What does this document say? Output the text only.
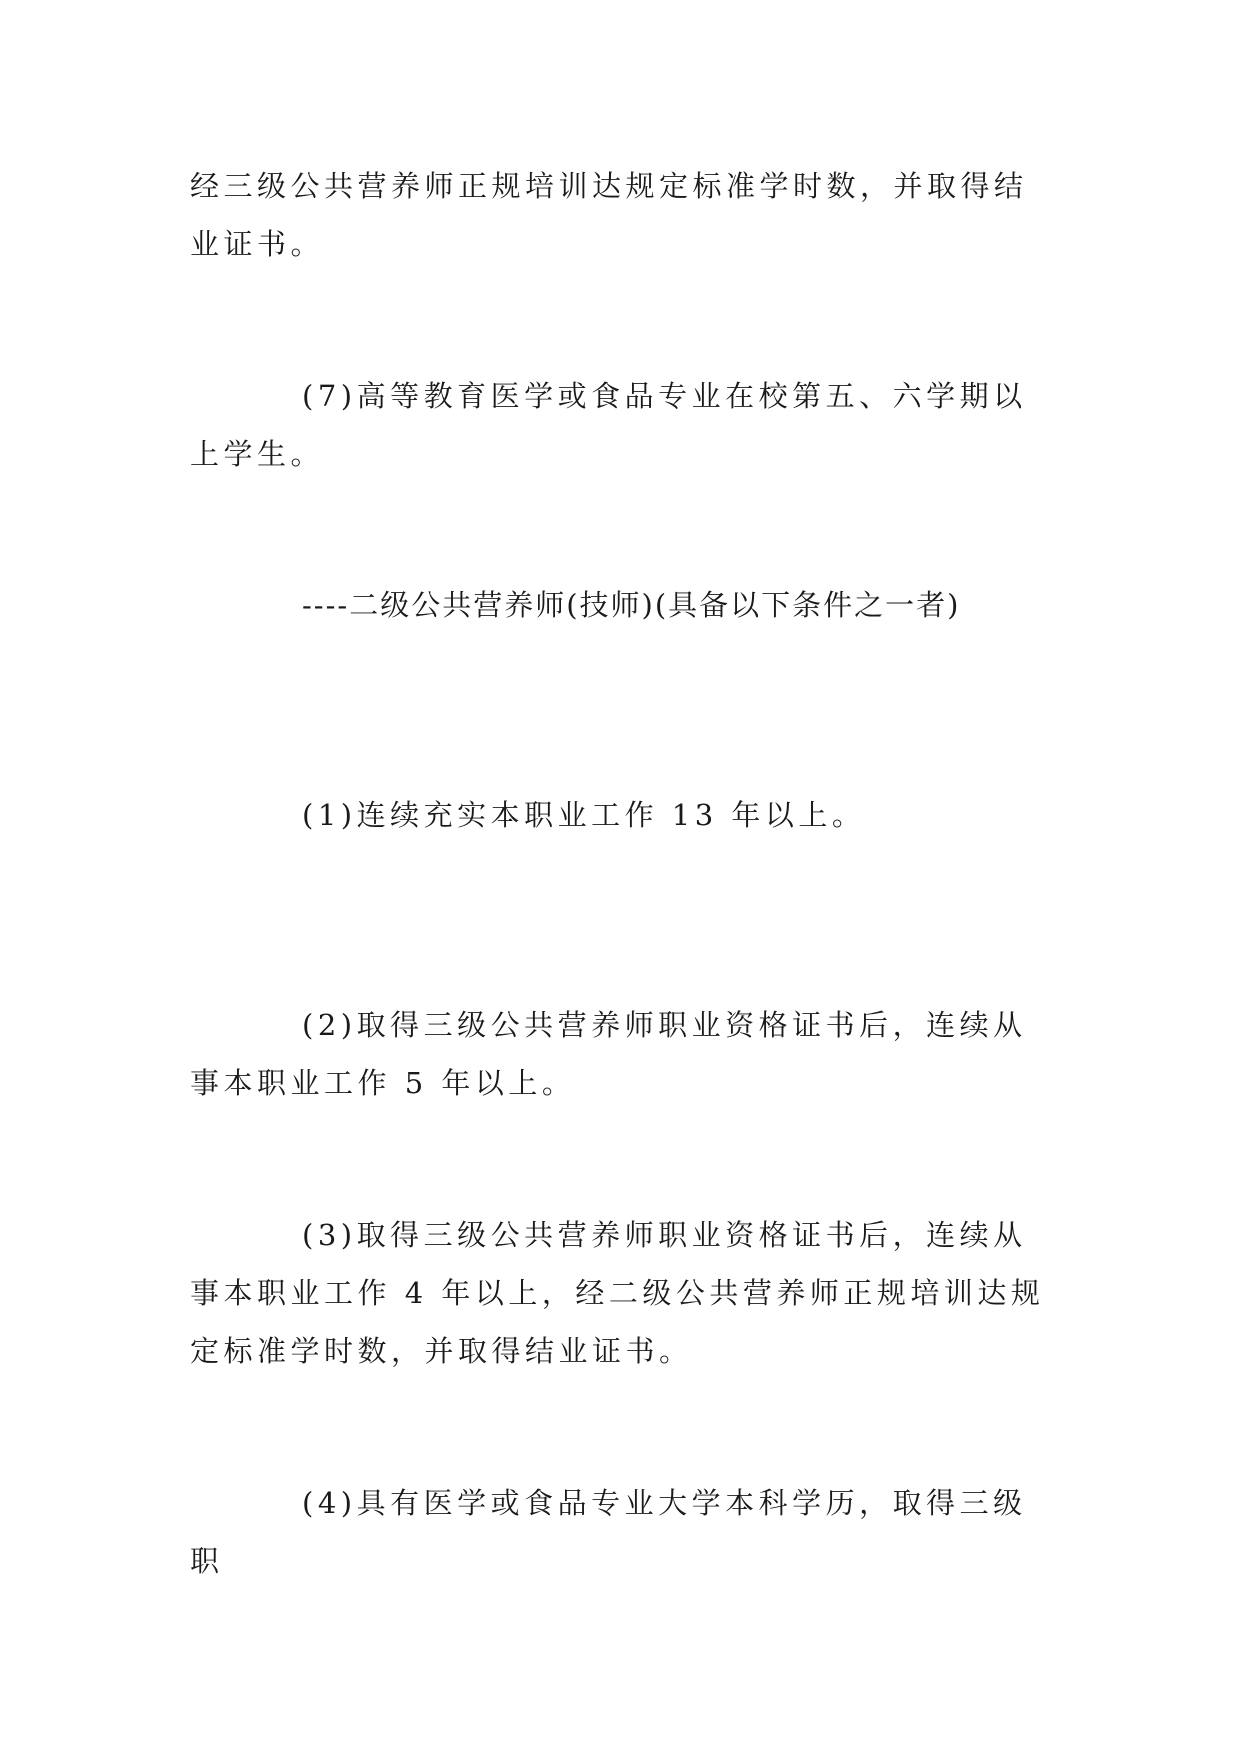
经三级公共营养师正规培训达规定标准学时数，并取得结业证书。

(7)高等教育医学或食品专业在校第五、六学期以上学生。

----二级公共营养师(技师)(具备以下条件之一者)

(1)连续充实本职业工作 13 年以上。

(2)取得三级公共营养师职业资格证书后，连续从事本职业工作 5 年以上。

(3)取得三级公共营养师职业资格证书后，连续从事本职业工作 4 年以上，经二级公共营养师正规培训达规定标准学时数，并取得结业证书。

(4)具有医学或食品专业大学本科学历，取得三级职
